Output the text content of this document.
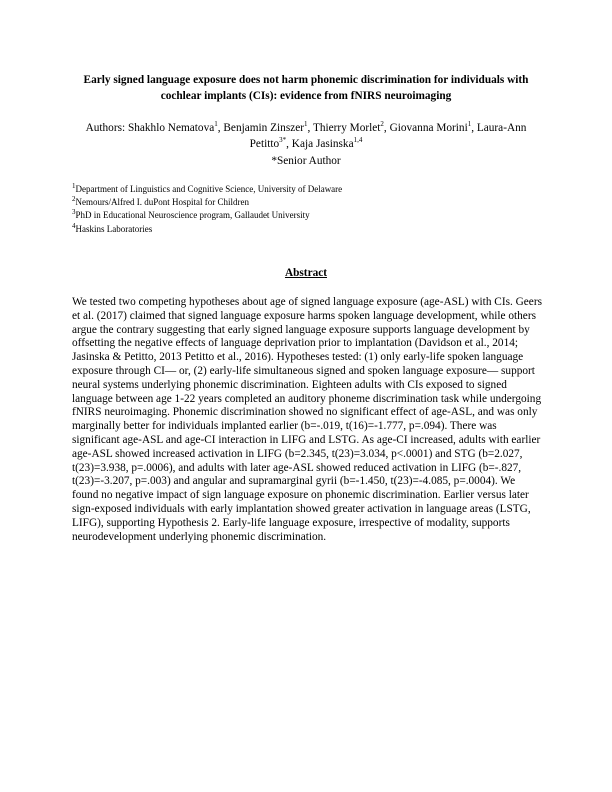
Early signed language exposure does not harm phonemic discrimination for individuals with cochlear implants (CIs): evidence from fNIRS neuroimaging
Authors: Shakhlo Nematova$^1$, Benjamin Zinszer$^1$, Thierry Morlet$^2$, Giovanna Morini$^1$, Laura-Ann Petitto$^{3*}$, Kaja Jasinska$^{1,4}$
*Senior Author
$^1$Department of Linguistics and Cognitive Science, University of Delaware
$^2$Nemours/Alfred I. duPont Hospital for Children
$^3$PhD in Educational Neuroscience program, Gallaudet University
$^4$Haskins Laboratories
Abstract
We tested two competing hypotheses about age of signed language exposure (age-ASL) with CIs. Geers et al. (2017) claimed that signed language exposure harms spoken language development, while others argue the contrary suggesting that early signed language exposure supports language development by offsetting the negative effects of language deprivation prior to implantation (Davidson et al., 2014; Jasinska & Petitto, 2013 Petitto et al., 2016). Hypotheses tested: (1) only early-life spoken language exposure through CI— or, (2) early-life simultaneous signed and spoken language exposure— support neural systems underlying phonemic discrimination. Eighteen adults with CIs exposed to signed language between age 1-22 years completed an auditory phoneme discrimination task while undergoing fNIRS neuroimaging. Phonemic discrimination showed no significant effect of age-ASL, and was only marginally better for individuals implanted earlier (b=-.019, t(16)=-1.777, p=.094). There was significant age-ASL and age-CI interaction in LIFG and LSTG. As age-CI increased, adults with earlier age-ASL showed increased activation in LIFG (b=2.345, t(23)=3.034, p<.0001) and STG (b=2.027, t(23)=3.938, p=.0006), and adults with later age-ASL showed reduced activation in LIFG (b=-.827, t(23)=-3.207, p=.003) and angular and supramarginal gyrii (b=-1.450, t(23)=-4.085, p=.0004). We found no negative impact of sign language exposure on phonemic discrimination. Earlier versus later sign-exposed individuals with early implantation showed greater activation in language areas (LSTG, LIFG), supporting Hypothesis 2. Early-life language exposure, irrespective of modality, supports neurodevelopment underlying phonemic discrimination.
